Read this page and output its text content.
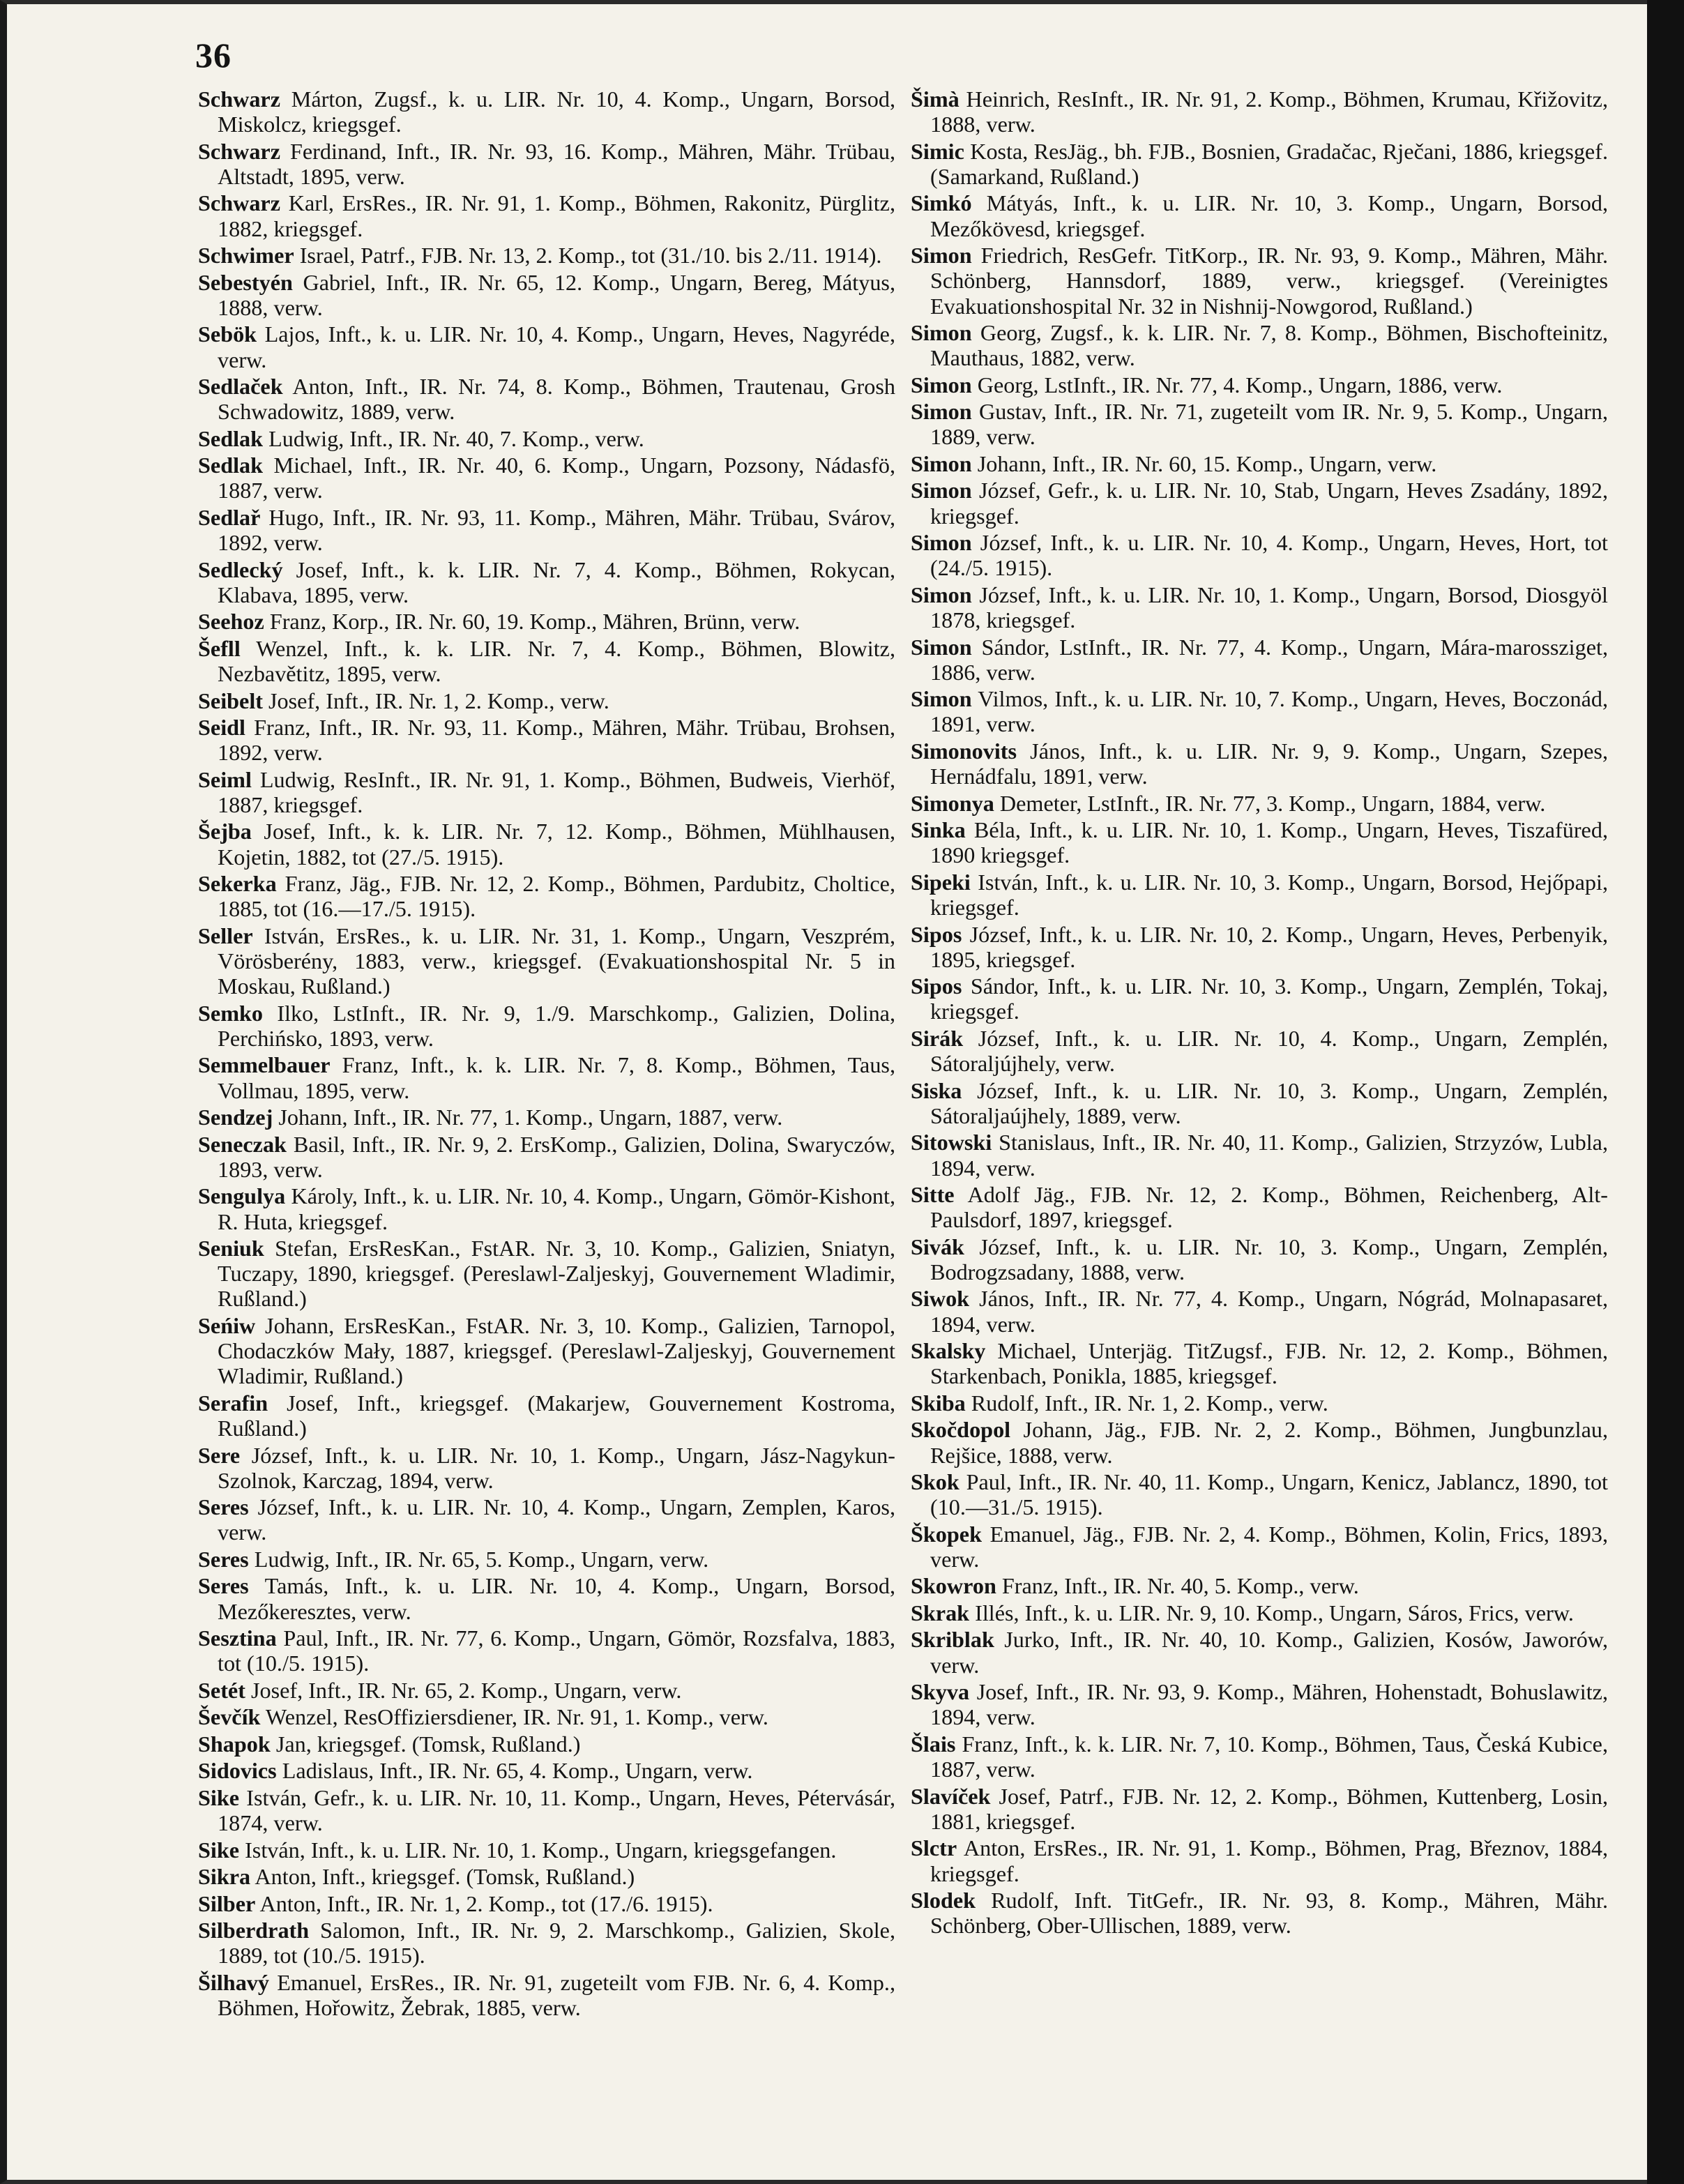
36

Schwarz Márton, Zugsf., k. u. LIR. Nr. 10, 4. Komp., Ungarn, Borsod, Miskolcz, kriegsgef.

Schwarz Ferdinand, Inft., IR. Nr. 93, 16. Komp., Mähren, Mähr. Trübau, Altstadt, 1895, verw.

Schwarz Karl, ErsRes., IR. Nr. 91, 1. Komp., Böhmen, Rakonitz, Pürglitz, 1882, kriegsgef.

Schwimer Israel, Patrf., FJB. Nr. 13, 2. Komp., tot (31./10. bis 2./11. 1914).

Sebestyén Gabriel, Inft., IR. Nr. 65, 12. Komp., Ungarn, Bereg, Mátyus, 1888, verw.

Sebök Lajos, Inft., k. u. LIR. Nr. 10, 4. Komp., Ungarn, Heves, Nagyréde, verw.

Sedlaček Anton, Inft., IR. Nr. 74, 8. Komp., Böhmen, Trautenau, Grosh Schwadowitz, 1889, verw.

Sedlak Ludwig, Inft., IR. Nr. 40, 7. Komp., verw.

Sedlak Michael, Inft., IR. Nr. 40, 6. Komp., Ungarn, Pozsony, Nádasfö, 1887, verw.

Sedlař Hugo, Inft., IR. Nr. 93, 11. Komp., Mähren, Mähr. Trübau, Svárov, 1892, verw.

Sedlecký Josef, Inft., k. k. LIR. Nr. 7, 4. Komp., Böhmen, Rokycan, Klabava, 1895, verw.

Seehoz Franz, Korp., IR. Nr. 60, 19. Komp., Mähren, Brünn, verw.

Šefll Wenzel, Inft., k. k. LIR. Nr. 7, 4. Komp., Böhmen, Blowitz, Nezbavětitz, 1895, verw.

Seibelt Josef, Inft., IR. Nr. 1, 2. Komp., verw.

Seidl Franz, Inft., IR. Nr. 93, 11. Komp., Mähren, Mähr. Trübau, Brohsen, 1892, verw.

Seiml Ludwig, ResInft., IR. Nr. 91, 1. Komp., Böhmen, Budweis, Vierhöf, 1887, kriegsgef.

Šejba Josef, Inft., k. k. LIR. Nr. 7, 12. Komp., Böhmen, Mühlhausen, Kojetin, 1882, tot (27./5. 1915).

Sekerka Franz, Jäg., FJB. Nr. 12, 2. Komp., Böhmen, Pardubitz, Choltice, 1885, tot (16.—17./5. 1915).

Seller István, ErsRes., k. u. LIR. Nr. 31, 1. Komp., Ungarn, Veszprém, Vörösberény, 1883, verw., kriegsgef. (Evakuationshospital Nr. 5 in Moskau, Rußland.)

Semko Ilko, LstInft., IR. Nr. 9, 1./9. Marschkomp., Galizien, Dolina, Perchińsko, 1893, verw.

Semmelbauer Franz, Inft., k. k. LIR. Nr. 7, 8. Komp., Böhmen, Taus, Vollmau, 1895, verw.

Sendzej Johann, Inft., IR. Nr. 77, 1. Komp., Ungarn, 1887, verw.

Seneczak Basil, Inft., IR. Nr. 9, 2. ErsKomp., Galizien, Dolina, Swaryczów, 1893, verw.

Sengulya Károly, Inft., k. u. LIR. Nr. 10, 4. Komp., Ungarn, Gömör-Kishont, R. Huta, kriegsgef.

Seniuk Stefan, ErsResKan., FstAR. Nr. 3, 10. Komp., Galizien, Sniatyn, Tuczapy, 1890, kriegsgef. (Pereslawl-Zaljeskyj, Gouvernement Wladimir, Rußland.)

Seńiw Johann, ErsResKan., FstAR. Nr. 3, 10. Komp., Galizien, Tarnopol, Chodaczków Mały, 1887, kriegsgef. (Pereslawl-Zaljeskyj, Gouvernement Wladimir, Rußland.)

Serafin Josef, Inft., kriegsgef. (Makarjew, Gouvernement Kostroma, Rußland.)

Sere József, Inft., k. u. LIR. Nr. 10, 1. Komp., Ungarn, Jász-Nagykun-Szolnok, Karczag, 1894, verw.

Seres József, Inft., k. u. LIR. Nr. 10, 4. Komp., Ungarn, Zemplen, Karos, verw.

Seres Ludwig, Inft., IR. Nr. 65, 5. Komp., Ungarn, verw.

Seres Tamás, Inft., k. u. LIR. Nr. 10, 4. Komp., Ungarn, Borsod, Mezőkeresztes, verw.

Sesztina Paul, Inft., IR. Nr. 77, 6. Komp., Ungarn, Gömör, Rozsfalva, 1883, tot (10./5. 1915).

Setét Josef, Inft., IR. Nr. 65, 2. Komp., Ungarn, verw.

Ševčík Wenzel, ResOffiziersdiener, IR. Nr. 91, 1. Komp., verw.

Shapok Jan, kriegsgef. (Tomsk, Rußland.)

Sidovics Ladislaus, Inft., IR. Nr. 65, 4. Komp., Ungarn, verw.

Sike István, Gefr., k. u. LIR. Nr. 10, 11. Komp., Ungarn, Heves, Pétervásár, 1874, verw.

Sike István, Inft., k. u. LIR. Nr. 10, 1. Komp., Ungarn, kriegsgefangen.

Sikra Anton, Inft., kriegsgef. (Tomsk, Rußland.)

Silber Anton, Inft., IR. Nr. 1, 2. Komp., tot (17./6. 1915).

Silberdrath Salomon, Inft., IR. Nr. 9, 2. Marschkomp., Galizien, Skole, 1889, tot (10./5. 1915).

Šilhavý Emanuel, ErsRes., IR. Nr. 91, zugeteilt vom FJB. Nr. 6, 4. Komp., Böhmen, Hořowitz, Žebrak, 1885, verw.

Šimà Heinrich, ResInft., IR. Nr. 91, 2. Komp., Böhmen, Krumau, Křižovitz, 1888, verw.

Simic Kosta, ResJäg., bh. FJB., Bosnien, Gradačac, Rječani, 1886, kriegsgef. (Samarkand, Rußland.)

Simkó Mátyás, Inft., k. u. LIR. Nr. 10, 3. Komp., Ungarn, Borsod, Mezőkövesd, kriegsgef.

Simon Friedrich, ResGefr. TitKorp., IR. Nr. 93, 9. Komp., Mähren, Mähr. Schönberg, Hannsdorf, 1889, verw., kriegsgef. (Vereinigtes Evakuationshospital Nr. 32 in Nishnij-Nowgorod, Rußland.)

Simon Georg, Zugsf., k. k. LIR. Nr. 7, 8. Komp., Böhmen, Bischofteinitz, Mauthaus, 1882, verw.

Simon Georg, LstInft., IR. Nr. 77, 4. Komp., Ungarn, 1886, verw.

Simon Gustav, Inft., IR. Nr. 71, zugeteilt vom IR. Nr. 9, 5. Komp., Ungarn, 1889, verw.

Simon Johann, Inft., IR. Nr. 60, 15. Komp., Ungarn, verw.

Simon József, Gefr., k. u. LIR. Nr. 10, Stab, Ungarn, Heves Zsadány, 1892, kriegsgef.

Simon József, Inft., k. u. LIR. Nr. 10, 4. Komp., Ungarn, Heves, Hort, tot (24./5. 1915).

Simon József, Inft., k. u. LIR. Nr. 10, 1. Komp., Ungarn, Borsod, Diosgyöl 1878, kriegsgef.

Simon Sándor, LstInft., IR. Nr. 77, 4. Komp., Ungarn, Mára-marossziget, 1886, verw.

Simon Vilmos, Inft., k. u. LIR. Nr. 10, 7. Komp., Ungarn, Heves, Boczonád, 1891, verw.

Simonovits János, Inft., k. u. LIR. Nr. 9, 9. Komp., Ungarn, Szepes, Hernádfalu, 1891, verw.

Simonya Demeter, LstInft., IR. Nr. 77, 3. Komp., Ungarn, 1884, verw.

Sinka Béla, Inft., k. u. LIR. Nr. 10, 1. Komp., Ungarn, Heves, Tiszafüred, 1890 kriegsgef.

Sipeki István, Inft., k. u. LIR. Nr. 10, 3. Komp., Ungarn, Borsod, Hejőpapi, kriegsgef.

Sipos József, Inft., k. u. LIR. Nr. 10, 2. Komp., Ungarn, Heves, Perbenyik, 1895, kriegsgef.

Sipos Sándor, Inft., k. u. LIR. Nr. 10, 3. Komp., Ungarn, Zemplén, Tokaj, kriegsgef.

Sirák József, Inft., k. u. LIR. Nr. 10, 4. Komp., Ungarn, Zemplén, Sátoraljújhely, verw.

Siska József, Inft., k. u. LIR. Nr. 10, 3. Komp., Ungarn, Zemplén, Sátoraljaújhely, 1889, verw.

Sitowski Stanislaus, Inft., IR. Nr. 40, 11. Komp., Galizien, Strzyzów, Lubla, 1894, verw.

Sitte Adolf Jäg., FJB. Nr. 12, 2. Komp., Böhmen, Reichenberg, Alt-Paulsdorf, 1897, kriegsgef.

Sivák József, Inft., k. u. LIR. Nr. 10, 3. Komp., Ungarn, Zemplén, Bodrogzsadany, 1888, verw.

Siwok János, Inft., IR. Nr. 77, 4. Komp., Ungarn, Nógrád, Molnapasaret, 1894, verw.

Skalsky Michael, Unterjäg. TitZugsf., FJB. Nr. 12, 2. Komp., Böhmen, Starkenbach, Ponikla, 1885, kriegsgef.

Skiba Rudolf, Inft., IR. Nr. 1, 2. Komp., verw.

Skočdopol Johann, Jäg., FJB. Nr. 2, 2. Komp., Böhmen, Jungbunzlau, Rejšice, 1888, verw.

Skok Paul, Inft., IR. Nr. 40, 11. Komp., Ungarn, Kenicz, Jablancz, 1890, tot (10.—31./5. 1915).

Škopek Emanuel, Jäg., FJB. Nr. 2, 4. Komp., Böhmen, Kolin, Frics, 1893, verw.

Skowron Franz, Inft., IR. Nr. 40, 5. Komp., verw.

Skrak Illés, Inft., k. u. LIR. Nr. 9, 10. Komp., Ungarn, Sáros, Frics, verw.

Skriblak Jurko, Inft., IR. Nr. 40, 10. Komp., Galizien, Kosów, Jaworów, verw.

Skyva Josef, Inft., IR. Nr. 93, 9. Komp., Mähren, Hohenstadt, Bohuslawitz, 1894, verw.

Šlais Franz, Inft., k. k. LIR. Nr. 7, 10. Komp., Böhmen, Taus, Česká Kubice, 1887, verw.

Slavíček Josef, Patrf., FJB. Nr. 12, 2. Komp., Böhmen, Kuttenberg, Losin, 1881, kriegsgef.

Slctr Anton, ErsRes., IR. Nr. 91, 1. Komp., Böhmen, Prag, Březnov, 1884, kriegsgef.

Slodek Rudolf, Inft. TitGefr., IR. Nr. 93, 8. Komp., Mähren, Mähr. Schönberg, Ober-Ullischen, 1889, verw.
